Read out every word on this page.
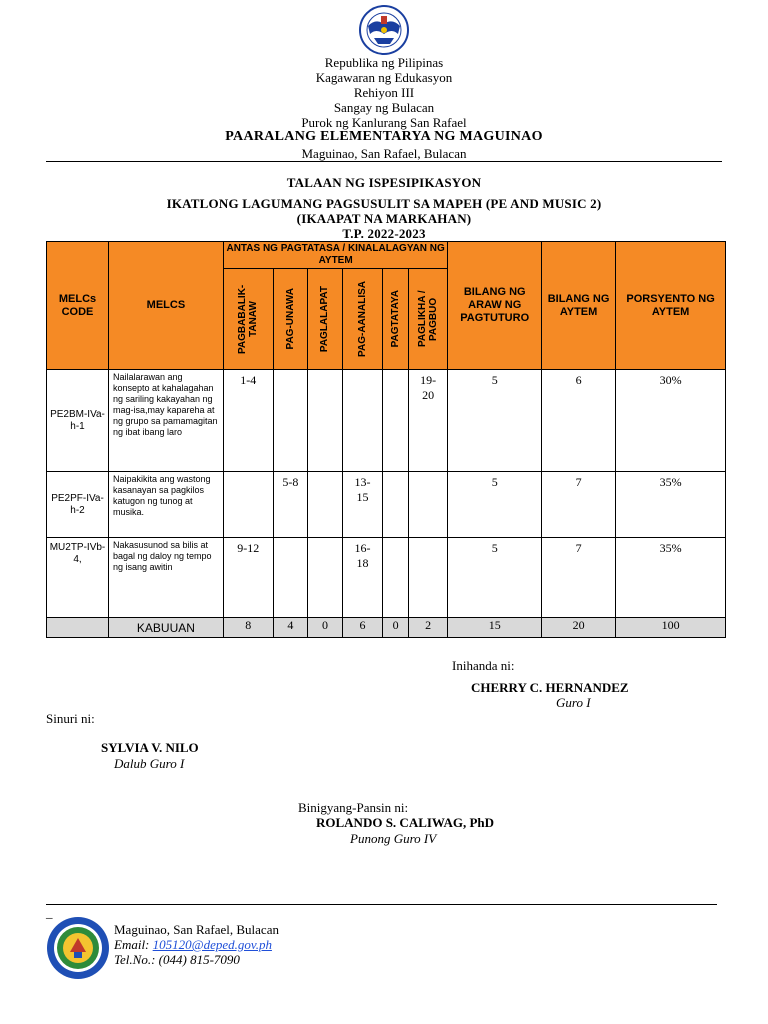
Republika ng Pilipinas
Kagawaran ng Edukasyon
Rehiyon III
Sangay ng Bulacan
Purok ng Kanlurang San Rafael
PAARALANG ELEMENTARYA NG MAGUINAO
Maguinao, San Rafael, Bulacan
TALAAN NG ISPESIPIKASYON
IKATLONG LAGUMANG PAGSUSULIT SA MAPEH (PE AND MUSIC 2)
(IKAAPAT NA MARKAHAN)
T.P. 2022-2023
MELCs CODE	MELCS	ANTAS NG PAGTATASA / KINALALAGYAN NG AYTEM						BILANG NG ARAW NG PAGTUTURO	BILANG NG AYTEM	PORSYENTO NG AYTEM

		PAGBABALIK-TANAW	PAG-UNAWA	PAGLALAPAT	PAG-AANALISA	PAGTATAYA	PAGLIKHA / PAGBUO			

PE2BM-IVa-h-1	Nailalarawan ang konsepto at kahalagahan ng sariling kakayahan ng mag-isa,may kapareha at ng grupo sa pamamagitan ng ibat ibang laro	1-4					19-20	5	6	30%
PE2PF-IVa-h-2	Naipakikita ang wastong kasanayan sa pagkilos katugon ng tunog at musika.		5-8		13-15			5	7	35%
MU2TP-IVb-4,	Nakasusunod sa bilis at bagal ng daloy ng tempo ng isang awitin	9-12			16-18			5	7	35%
	KABUUAN	8	4	0	6	0	2	15	20	100
Inihanda ni:
CHERRY C. HERNANDEZ
Guro I
Sinuri ni:
SYLVIA V. NILO
Dalub Guro I
Binigyang-Pansin ni:
ROLANDO S. CALIWAG, PhD
Punong Guro IV
_
Maguinao, San Rafael, Bulacan
Email: 105120@deped.gov.ph
Tel.No.: (044) 815-7090
